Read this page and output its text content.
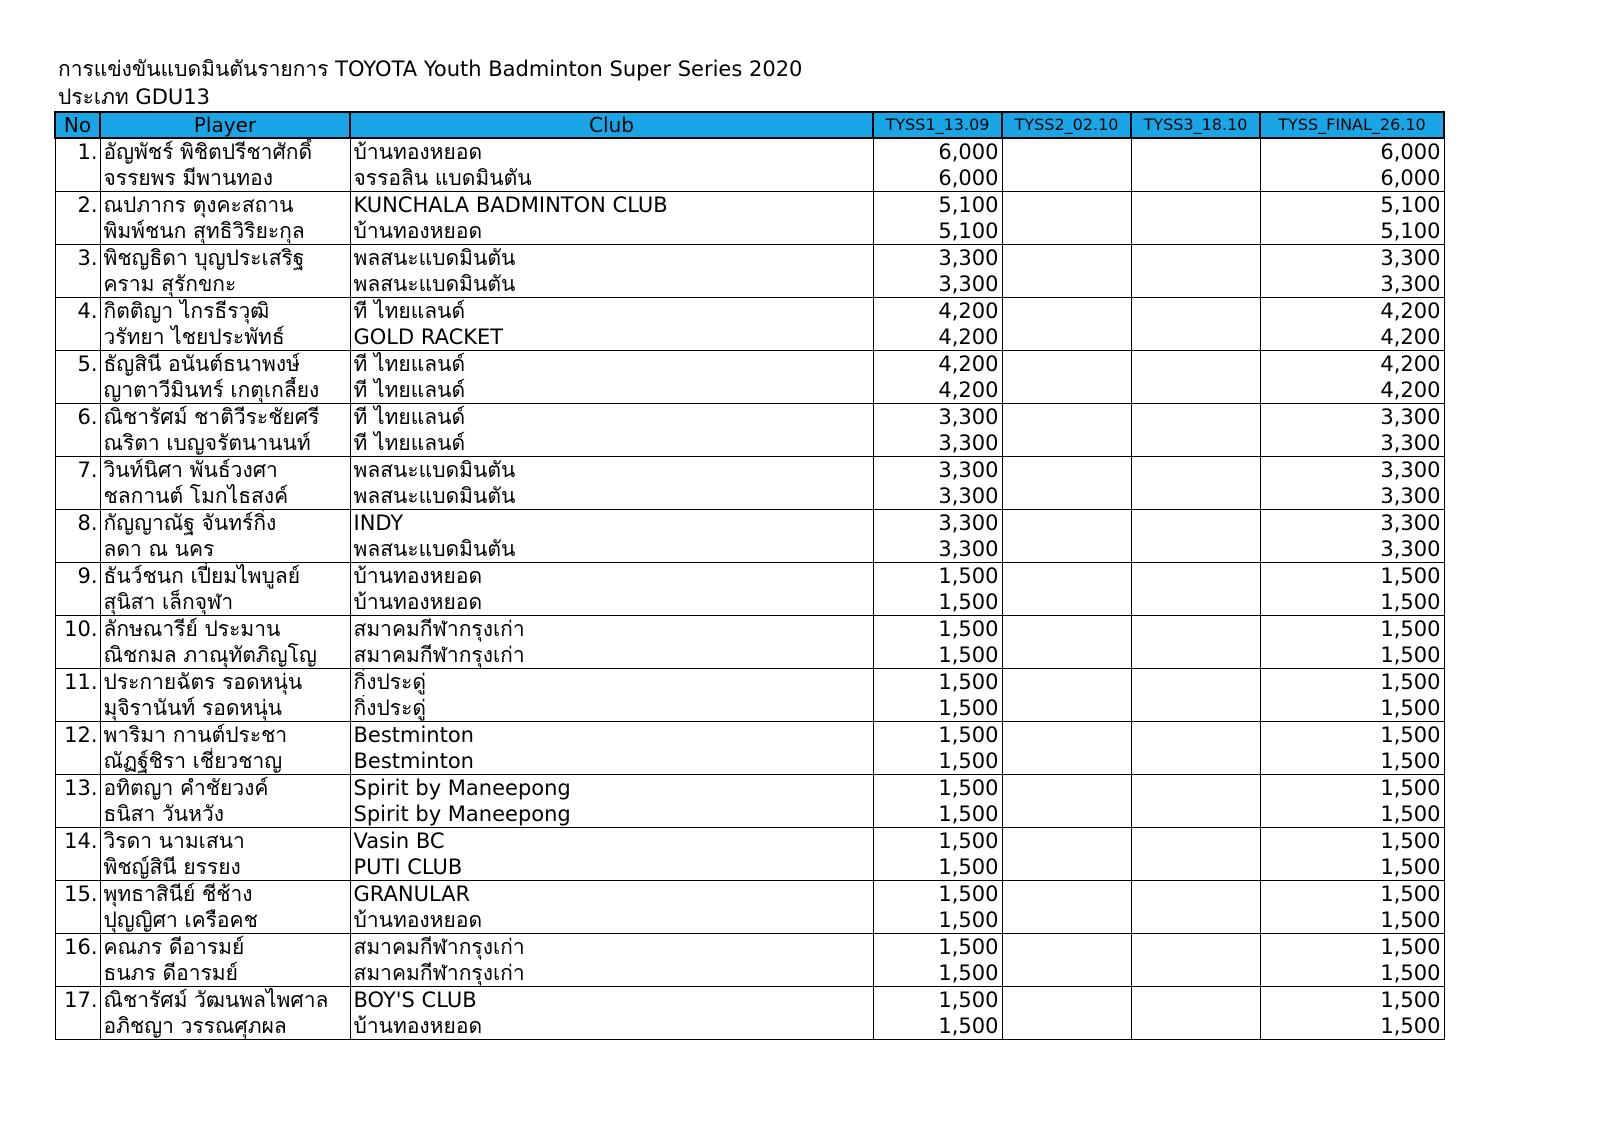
การแข่งขันแบดมินตันรายการ TOYOTA Youth Badminton Super Series 2020
ประเภท GDU13
No	Player	Club	TYSS1_13.09	TYSS2_02.10	TYSS3_18.10	TYSS_FINAL_26.10
1.	อัญพัชร์ พิชิตปรีชาศักดิ์	บ้านทองหยอด	6,000			6,000
	จรรยพร มีพานทอง	จรรอลิน แบดมินตัน	6,000			6,000
2.	ณปภากร ตุงคะสถาน	KUNCHALA BADMINTON CLUB	5,100			5,100
	พิมพ์ชนก สุทธิวิริยะกุล	บ้านทองหยอด	5,100			5,100
3.	พิชญธิดา บุญประเสริฐ	พลสนะแบดมินตัน	3,300			3,300
	คราม สุรักขกะ	พลสนะแบดมินตัน	3,300			3,300
4.	กิตติญา ไกรธีรวุฒิ	ที ไทยแลนด์	4,200			4,200
	วรัทยา ไชยประพัทธ์	GOLD RACKET	4,200			4,200
5.	ธัญสินี อนันต์ธนาพงษ์	ที ไทยแลนด์	4,200			4,200
	ญาตาวีมินทร์ เกตุเกลี้ยง	ที ไทยแลนด์	4,200			4,200
6.	ณิชารัศม์ ชาติวีระชัยศรี	ที ไทยแลนด์	3,300			3,300
	ณริตา เบญจรัตนานนท์	ที ไทยแลนด์	3,300			3,300
7.	วินท์นิศา พันธ์วงศา	พลสนะแบดมินตัน	3,300			3,300
	ชลกานต์ โมกไธสงค์	พลสนะแบดมินตัน	3,300			3,300
8.	กัญญาณัฐ จันทร์กิ่ง	INDY	3,300			3,300
	ลดา ณ นคร	พลสนะแบดมินตัน	3,300			3,300
9.	ธันว์ชนก เปี่ยมไพบูลย์	บ้านทองหยอด	1,500			1,500
	สุนิสา เล็กจุฬา	บ้านทองหยอด	1,500			1,500
10.	ลักษณารีย์ ประมาน	สมาคมกีฬากรุงเก่า	1,500			1,500
	ณิชกมล ภาณุทัตภิญโญ	สมาคมกีฬากรุงเก่า	1,500			1,500
11.	ประกายฉัตร รอดหนุ่น	กิ่งประดู่	1,500			1,500
	มุจิรานันท์ รอดหนุ่น	กิ่งประดู่	1,500			1,500
12.	พาริมา กานต์ประชา	Bestminton	1,500			1,500
	ณัฏฐ์ชิรา เชี่ยวชาญ	Bestminton	1,500			1,500
13.	อทิตญา คำชัยวงค์	Spirit by Maneepong	1,500			1,500
	ธนิสา วันหวัง	Spirit by Maneepong	1,500			1,500
14.	วิรดา นามเสนา	Vasin BC	1,500			1,500
	พิชญ์สินี ยรรยง	PUTI CLUB	1,500			1,500
15.	พุทธาสินีย์ ชีช้าง	GRANULAR	1,500			1,500
	ปุญญิศา เครือคช	บ้านทองหยอด	1,500			1,500
16.	คณภร ดีอารมย์	สมาคมกีฬากรุงเก่า	1,500			1,500
	ธนภร ดีอารมย์	สมาคมกีฬากรุงเก่า	1,500			1,500
17.	ณิชารัศม์ วัฒนพลไพศาล	BOY'S CLUB	1,500			1,500
	อภิชญา วรรณศุภผล	บ้านทองหยอด	1,500			1,500
